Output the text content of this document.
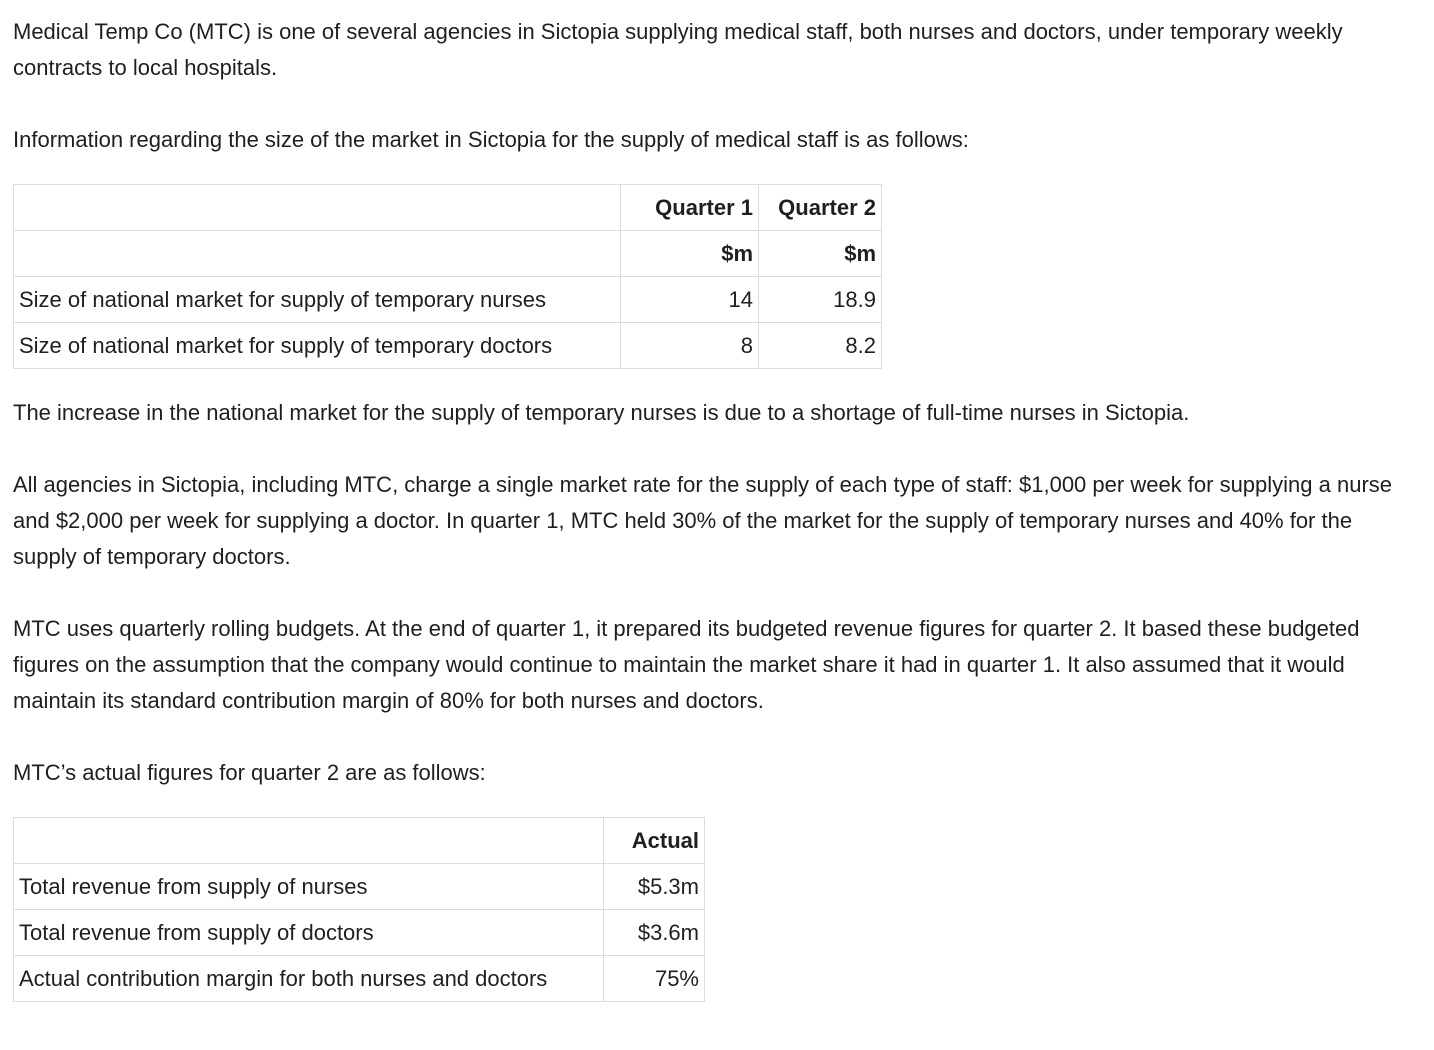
Medical Temp Co (MTC) is one of several agencies in Sictopia supplying medical staff, both nurses and doctors, under temporary weekly contracts to local hospitals.

Information regarding the size of the market in Sictopia for the supply of medical staff is as follows:

	Quarter 1	Quarter 2
	$m	$m
Size of national market for supply of temporary nurses	14	18.9
Size of national market for supply of temporary doctors	8	8.2

The increase in the national market for the supply of temporary nurses is due to a shortage of full-time nurses in Sictopia.

All agencies in Sictopia, including MTC, charge a single market rate for the supply of each type of staff: $1,000 per week for supplying a nurse and $2,000 per week for supplying a doctor. In quarter 1, MTC held 30% of the market for the supply of temporary nurses and 40% for the supply of temporary doctors.

MTC uses quarterly rolling budgets. At the end of quarter 1, it prepared its budgeted revenue figures for quarter 2. It based these budgeted figures on the assumption that the company would continue to maintain the market share it had in quarter 1. It also assumed that it would maintain its standard contribution margin of 80% for both nurses and doctors.

MTC’s actual figures for quarter 2 are as follows:

	Actual
Total revenue from supply of nurses	$5.3m
Total revenue from supply of doctors	$3.6m
Actual contribution margin for both nurses and doctors	75%
